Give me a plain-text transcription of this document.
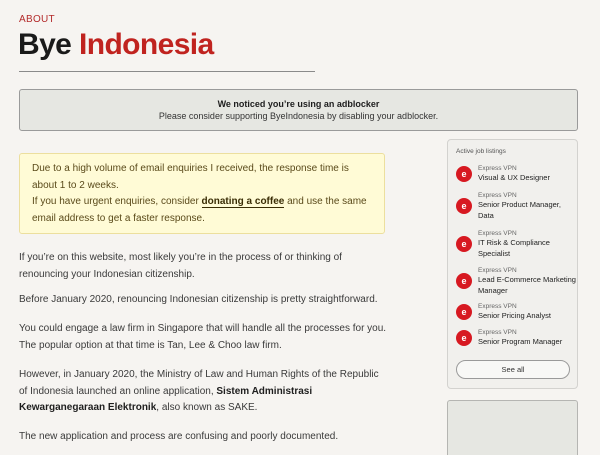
ABOUT
Bye Indonesia
We noticed you’re using an adblocker
Please consider supporting ByeIndonesia by disabling your adblocker.
Due to a high volume of email enquiries I received, the response time is about 1 to 2 weeks.
If you have urgent enquiries, consider donating a coffee and use the same email address to get a faster response.

If you’re on this website, most likely you’re in the process of or thinking of renouncing your Indonesian citizenship.

Before January 2020, renouncing Indonesian citizenship is pretty straightforward.

You could engage a law firm in Singapore that will handle all the processes for you. The popular option at that time is Tan, Lee & Choo law firm.

However, in January 2020, the Ministry of Law and Human Rights of the Republic of Indonesia launched an online application, Sistem Administrasi Kewarganegaraan Elektronik, also known as SAKE.

The new application and process are confusing and poorly documented.

Active job listings
e
Express VPN
Visual & UX Designer
e
Express VPN
Senior Product Manager, Data
e
Express VPN
IT Risk & Compliance Specialist
e
Express VPN
Lead E-Commerce Marketing Manager
e
Express VPN
Senior Pricing Analyst
e
Express VPN
Senior Program Manager
See all
